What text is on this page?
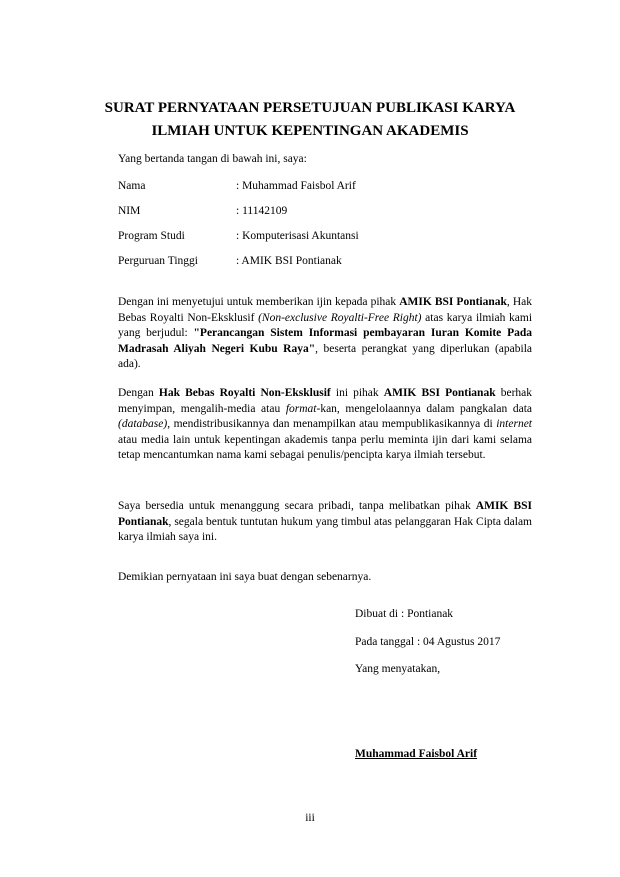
SURAT PERNYATAAN PERSETUJUAN PUBLIKASI KARYA
ILMIAH UNTUK KEPENTINGAN AKADEMIS
Yang bertanda tangan di bawah ini, saya:
Nama	: Muhammad Faisbol Arif
NIM	: 11142109
Program Studi	: Komputerisasi Akuntansi
Perguruan Tinggi	: AMIK BSI Pontianak
Dengan ini menyetujui untuk memberikan ijin kepada pihak AMIK BSI Pontianak, Hak Bebas Royalti Non-Eksklusif (Non-exclusive Royalti-Free Right) atas karya ilmiah kami yang berjudul: "Perancangan Sistem Informasi pembayaran Iuran Komite Pada Madrasah Aliyah Negeri Kubu Raya", beserta perangkat yang diperlukan (apabila ada).
Dengan Hak Bebas Royalti Non-Eksklusif ini pihak AMIK BSI Pontianak berhak menyimpan, mengalih-media atau format-kan, mengelolaannya dalam pangkalan data (database), mendistribusikannya dan menampilkan atau mempublikasikannya di internet atau media lain untuk kepentingan akademis tanpa perlu meminta ijin dari kami selama tetap mencantumkan nama kami sebagai penulis/pencipta karya ilmiah tersebut.
Saya bersedia untuk menanggung secara pribadi, tanpa melibatkan pihak AMIK BSI Pontianak, segala bentuk tuntutan hukum yang timbul atas pelanggaran Hak Cipta dalam karya ilmiah saya ini.
Demikian pernyataan ini saya buat dengan sebenarnya.
Dibuat di : Pontianak
Pada tanggal : 04 Agustus 2017
Yang menyatakan,
Muhammad Faisbol Arif
iii
